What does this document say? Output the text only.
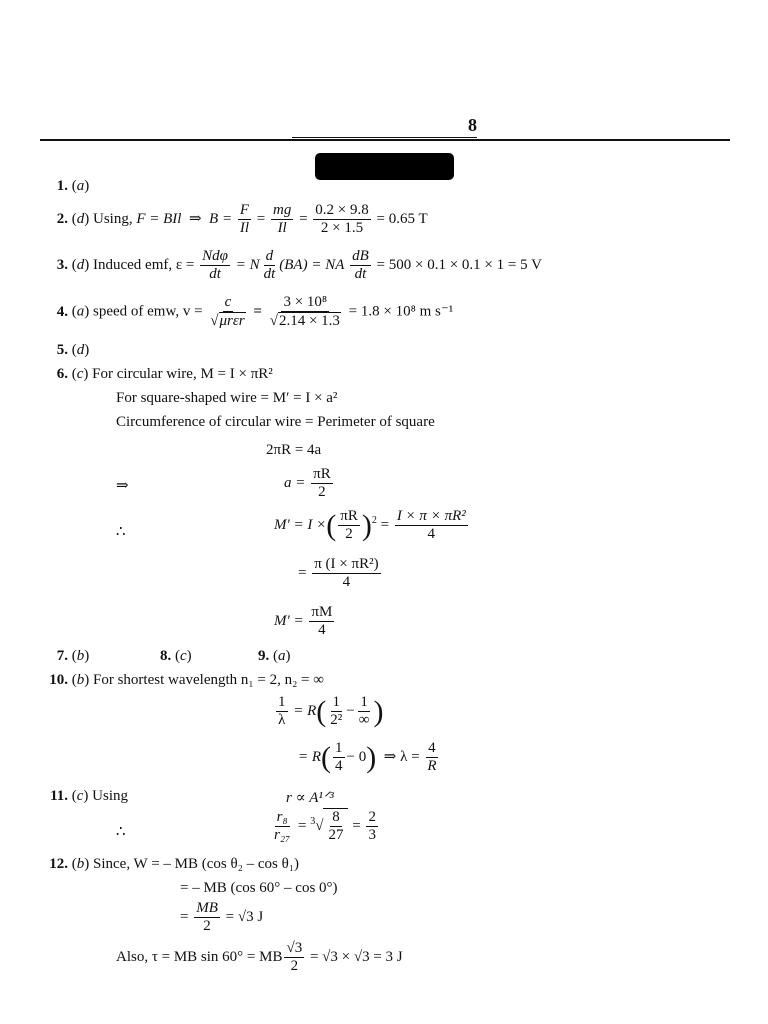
8
1. (a)
2. (d) Using, F = BIl  ⇒  $B = \frac{F}{Il} = \frac{mg}{Il} = \frac{0.2 \times 9.8}{2 \times 1.5} = 0.65$ T
3. (d) Induced emf, $\varepsilon = \frac{\text{Ndφ}}{dt} = N \frac{d}{dt} (BA)$ = NA $\frac{dB}{dt} = 500 \times 0.1 \times 0.1 \times 1 = 5$ V
4. (a) speed of emw, $v = \frac{c}{\text{√μrεr}} = \frac{\text{3 × 10⁸}}{√2.14 \times 1.3} = 1.8 \times 10^8$ m s⁻¹
5. (d)
6. (c) For circular wire, M = I × πR²
For square-shaped wire = M′ = I × a²
Circumference of circular wire = Perimeter of square
2πR = 4a
⇒	$a = \frac{\pi R}{2}$
∴	M′ = I ×( $\frac{\pi R}{2} )^2 = \frac{\text{I × π × πR²}}{4}$
= $\frac{\text{π (I × πR²)}}{4}$
$M' = \frac{\pi M}{4}$
7. (b)	8. (c)	9. (a)
10. (b) For shortest wavelength n₁ = 2, n₂ = ∞
$\frac{1}{\lambda} = R( \frac{1}{\text{2²}} - \frac{1}{\infty}$ )
= $R( \frac{1}{4} - 0)$ ⇒ $\lambda = \frac{4}{R}$
11. (c) Using	r ∝ A¹ᐟ³
∴	$\frac{\text{r₈}}{\text{r₂₇}} = ^3√ \frac{8}{27} = \frac{2}{3}$
12. (b) Since, W = – MB (cos θ₂ – cos θ₁)
= – MB (cos 60° – cos 0°)
= $\frac{MB}{2} = √3$ J
Also, τ = MB sin 60° = MB $\frac{√3}{2} = √3 \times √3 = 3$ J
